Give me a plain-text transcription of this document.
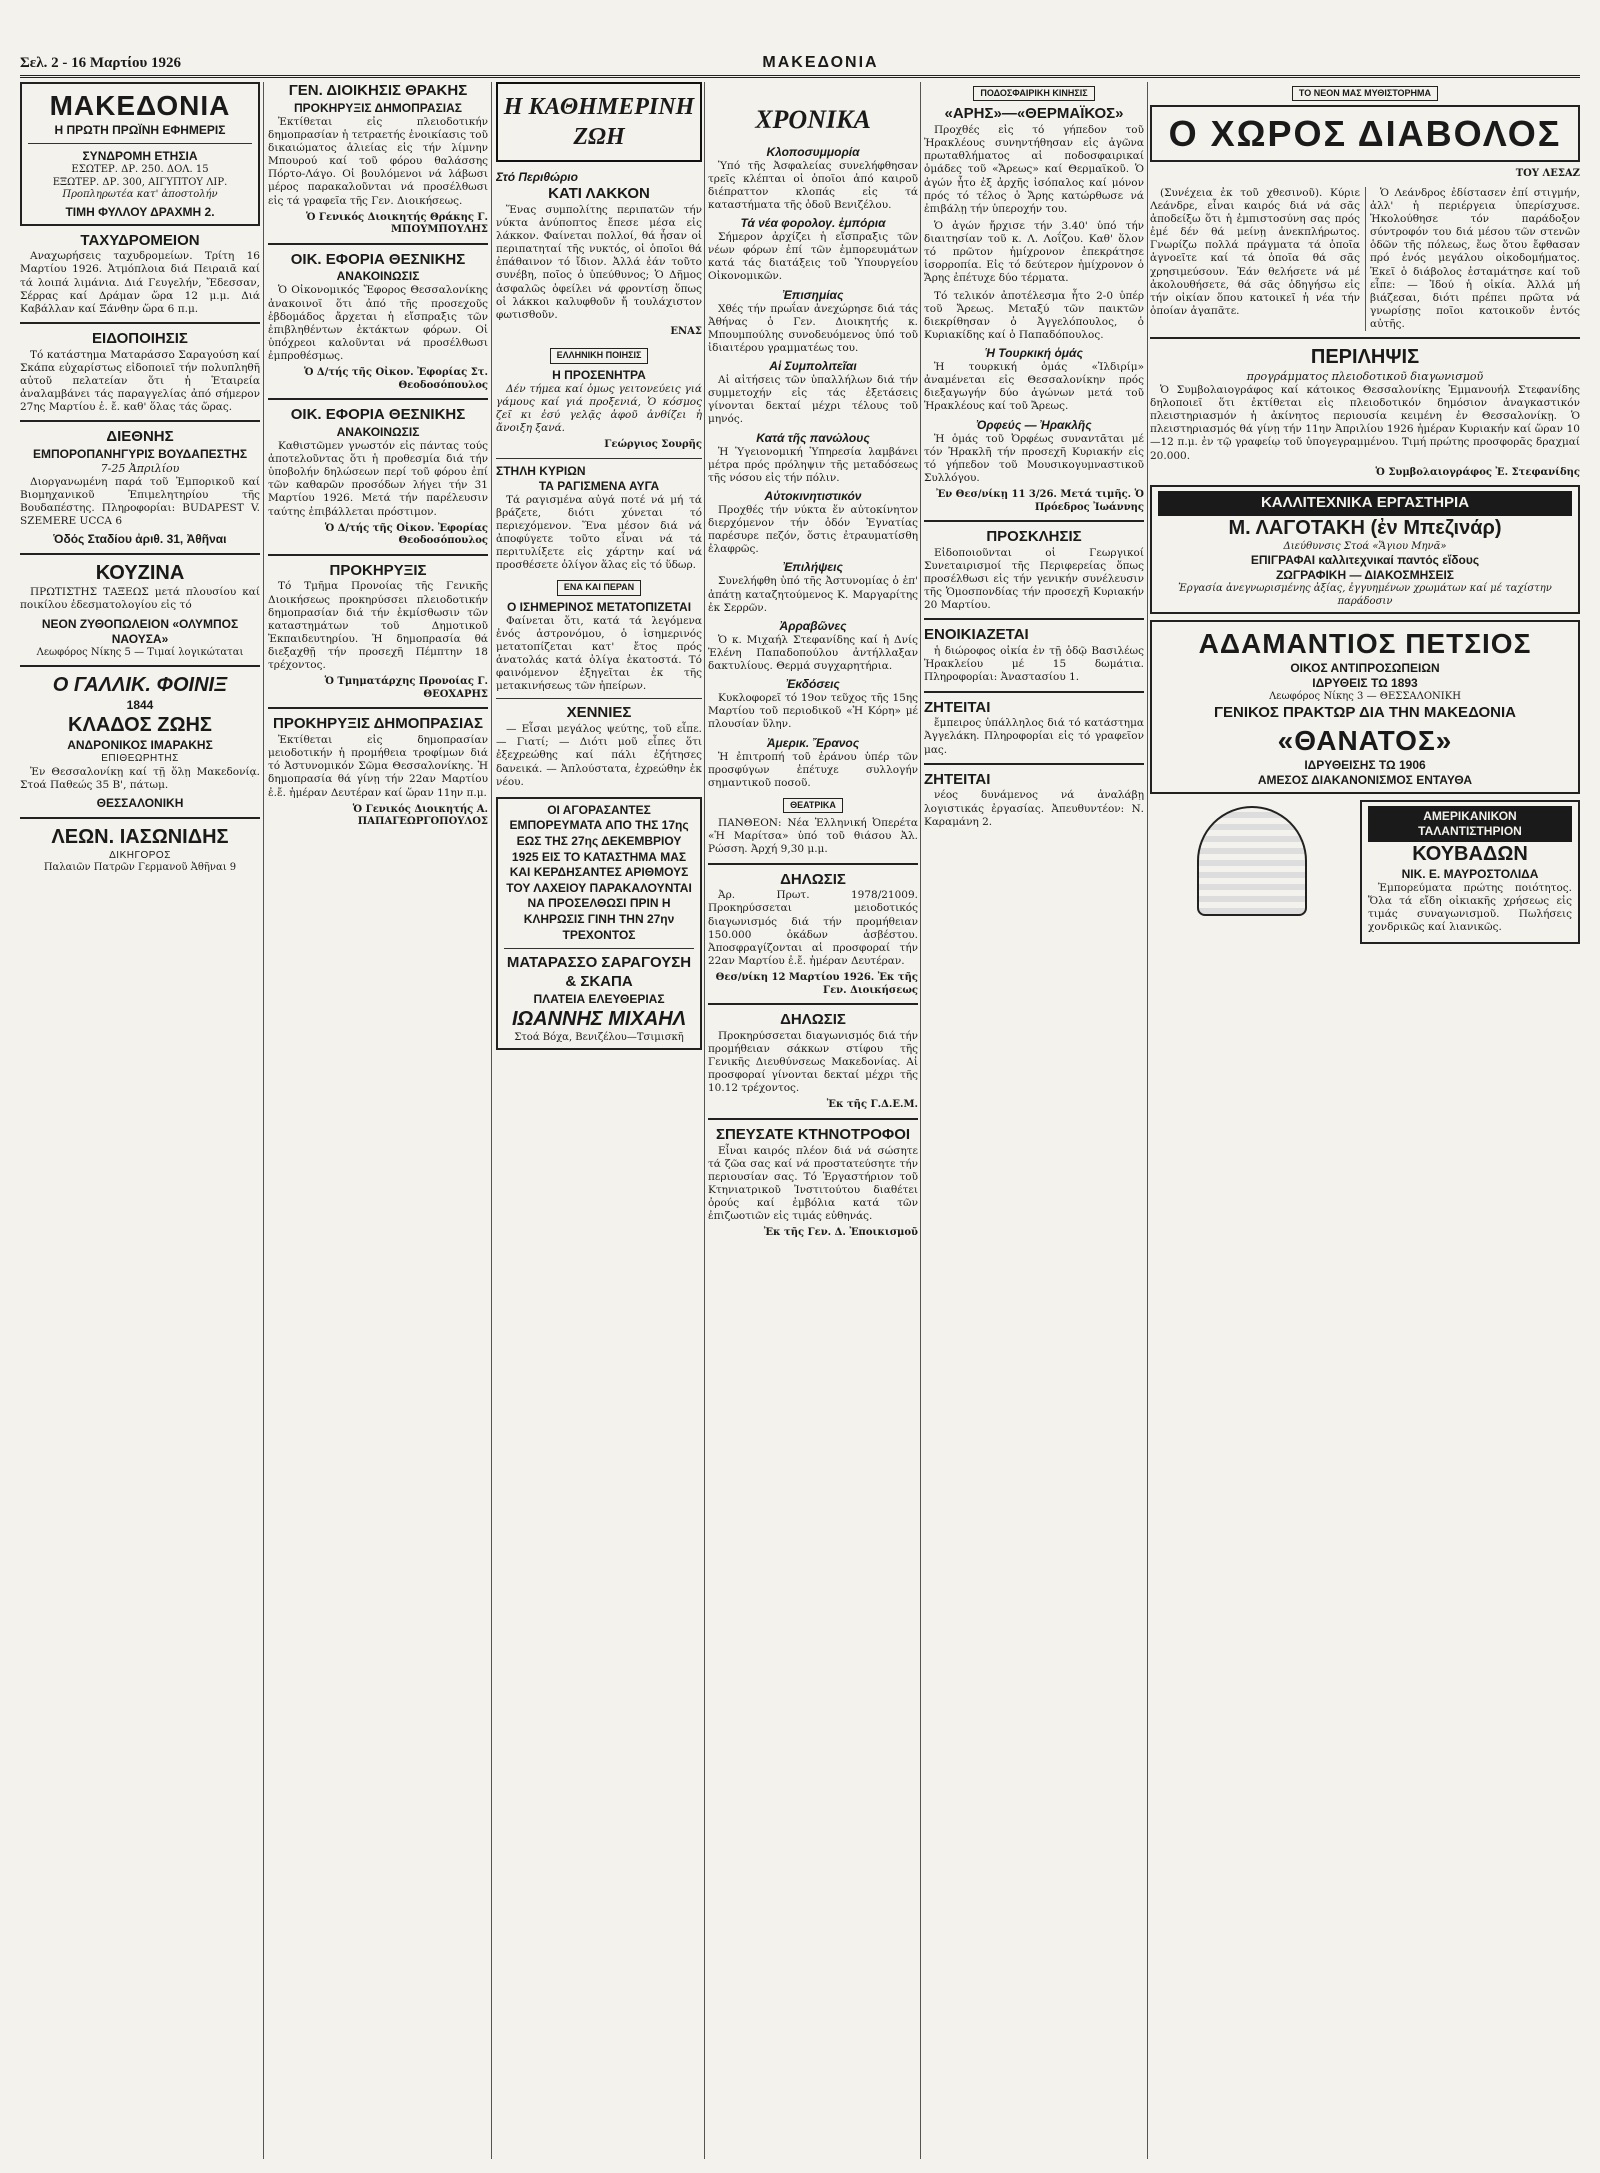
Σελ. 2 - 16 Μαρτίου 1926	ΜΑΚΕΔΟΝΙΑ
ΜΑΚΕΔΟΝΙΑ
Η ΠΡΩΤΗ ΠΡΩΪΝΗ ΕΦΗΜΕΡΙΣ
ΣΥΝΔΡΟΜΗ ΕΤΗΣΙΑ
ΕΣΩΤΕΡ. ΔΡ. 250. ΔΟΛ. 15
ΕΞΩΤΕΡ. ΔΡ. 300, ΑΙΓΥΠΤΟΥ ΛΙΡ.
Προπληρωτέα κατ' ἀποστολήν
ΤΙΜΗ ΦΥΛΛΟΥ ΔΡΑΧΜΗ 2.
ΤΑΧΥΔΡΟΜΕΙΟΝ

Αναχωρήσεις ταχυδρομείων. Τρίτη 16 Μαρτίου 1926. Ἀτμόπλοια διά Πειραιᾶ καί τά λοιπά λιμάνια. Διά Γευγελήν, Ἔδεσσαν, Σέρρας καί Δράμαν ὥρα 12 μ.μ. Διά Καβάλλαν καί Ξάνθην ὥρα 6 π.μ.

ΕΙΔΟΠΟΙΗΣΙΣ

Τό κατάστημα Ματαράσσο Σαραγούση καί Σκάπα εὐχαρίστως εἰδοποιεῖ τήν πολυπληθῆ αὐτοῦ πελατείαν ὅτι ἡ Ἑταιρεία ἀναλαμβάνει τάς παραγγελίας ἀπό σήμερον 27ης Μαρτίου ἐ. ἔ. καθ' ὅλας τάς ὥρας.

ΔΙΕΘΝΗΣ
ΕΜΠΟΡΟΠΑΝΗΓΥΡΙΣ ΒΟΥΔΑΠΕΣΤΗΣ
7-25 Ἀπριλίου

Διοργανωμένη παρά τοῦ Ἐμπορικοῦ καί Βιομηχανικοῦ Ἐπιμελητηρίου τῆς Βουδαπέστης. Πληροφορίαι: BUDAPEST V. SZEMERE UCCA 6

Ὁδός Σταδίου ἀριθ. 31, Ἀθῆναι
ΚΟΥΖΙΝΑ

ΠΡΩΤΙΣΤΗΣ ΤΑΞΕΩΣ μετά πλουσίου καί ποικίλου ἐδεσματολογίου εἰς τό

ΝΕΟΝ ΖΥΘΟΠΩΛΕΙΟΝ «ΟΛΥΜΠΟΣ ΝΑΟΥΣΑ»
Λεωφόρος Νίκης 5 — Τιμαί λογικώταται
Ο ΓΑΛΛΙΚ. ΦΟΙΝΙΞ
1844
ΚΛΑΔΟΣ ΖΩΗΣ
ΑΝΔΡΟΝΙΚΟΣ ΙΜΑΡΑΚΗΣ
ΕΠΙΘΕΩΡΗΤΗΣ

Ἐν Θεσσαλονίκῃ καί τῇ ὅλῃ Μακεδονίᾳ. Στοά Παθεώς 35 Β', πάτωμ.

ΘΕΣΣΑΛΟΝΙΚΗ
ΛΕΩΝ. ΙΑΣΩΝΙΔΗΣ
ΔΙΚΗΓΟΡΟΣ
Παλαιῶν Πατρῶν Γερμανοῦ Ἀθῆναι 9
ΓΕΝ. ΔΙΟΙΚΗΣΙΣ ΘΡΑΚΗΣ
ΠΡΟΚΗΡΥΞΙΣ ΔΗΜΟΠΡΑΣΙΑΣ

Ἐκτίθεται εἰς πλειοδοτικήν δημοπρασίαν ἡ τετραετής ἐνοικίασις τοῦ δικαιώματος ἁλιείας εἰς τήν λίμνην Μπουρού καί τοῦ φόρου θαλάσσης Πόρτο-Λάγο. Οἱ βουλόμενοι νά λάβωσι μέρος παρακαλοῦνται νά προσέλθωσι εἰς τά γραφεῖα τῆς Γεν. Διοικήσεως.

Ὁ Γενικός Διοικητής Θράκης Γ. ΜΠΟΥΜΠΟΥΛΗΣ
ΟΙΚ. ΕΦΟΡΙΑ ΘΕΣΝΙΚΗΣ
ΑΝΑΚΟΙΝΩΣΙΣ

Ὁ Οἰκονομικός Ἔφορος Θεσσαλονίκης ἀνακοινοῖ ὅτι ἀπό τῆς προσεχοῦς ἑβδομάδος ἄρχεται ἡ εἴσπραξις τῶν ἐπιβληθέντων ἐκτάκτων φόρων. Οἱ ὑπόχρεοι καλοῦνται νά προσέλθωσι ἐμπροθέσμως.

Ὁ Δ/τής τῆς Οἰκον. Ἐφορίας Στ. Θεοδοσόπουλος
ΟΙΚ. ΕΦΟΡΙΑ ΘΕΣΝΙΚΗΣ
ΑΝΑΚΟΙΝΩΣΙΣ

Καθιστῶμεν γνωστόν εἰς πάντας τούς ἀποτελοῦντας ὅτι ἡ προθεσμία διά τήν ὑποβολήν δηλώσεων περί τοῦ φόρου ἐπί τῶν καθαρῶν προσόδων λήγει τήν 31 Μαρτίου 1926. Μετά τήν παρέλευσιν ταύτης ἐπιβάλλεται πρόστιμον.

Ὁ Δ/τής τῆς Οἰκον. Ἐφορίας Θεοδοσόπουλος
ΠΡΟΚΗΡΥΞΙΣ

Τό Τμῆμα Προνοίας τῆς Γενικῆς Διοικήσεως προκηρύσσει πλειοδοτικήν δημοπρασίαν διά τήν ἐκμίσθωσιν τῶν καταστημάτων τοῦ Δημοτικοῦ Ἐκπαιδευτηρίου. Ἡ δημοπρασία θά διεξαχθῇ τήν προσεχῆ Πέμπτην 18 τρέχοντος.

Ὁ Τμηματάρχης Προνοίας Γ. ΘΕΟΧΑΡΗΣ
ΠΡΟΚΗΡΥΞΙΣ ΔΗΜΟΠΡΑΣΙΑΣ

Ἐκτίθεται εἰς δημοπρασίαν μειοδοτικήν ἡ προμήθεια τροφίμων διά τό Ἀστυνομικόν Σῶμα Θεσσαλονίκης. Ἡ δημοπρασία θά γίνῃ τήν 22αν Μαρτίου ἐ.ἔ. ἡμέραν Δευτέραν καί ὥραν 11ην π.μ.

Ὁ Γενικός Διοικητής Α. ΠΑΠΑΓΕΩΡΓΟΠΟΥΛΟΣ
Η ΚΑΘΗΜΕΡΙΝΗ ΖΩΗ
Στό Περιθώριο
ΚΑΤΙ ΛΑΚΚΟΝ

Ἕνας συμπολίτης περιπατῶν τήν νύκτα ἀνύποπτος ἔπεσε μέσα εἰς λάκκον. Φαίνεται πολλοί, θά ἦσαν οἱ περιπατηταί τῆς νυκτός, οἱ ὁποῖοι θά ἐπάθαινον τό ἴδιον. Ἀλλά ἐάν τοῦτο συνέβη, ποῖος ὁ ὑπεύθυνος; Ὁ Δῆμος ἀσφαλῶς ὀφείλει νά φροντίσῃ ὅπως οἱ λάκκοι καλυφθοῦν ἤ τουλάχιστον φωτισθοῦν.

ΕΝΑΣ
ΕΛΛΗΝΙΚΗ ΠΟΙΗΣΙΣ
Η ΠΡΟΣΕΝΗΤΡΑ

Δέν τήμεα καί ὁμως γειτονεύεις γιά γάμους καί γιά προξενιά, Ὁ κόσμος ζεῖ κι ἐσύ γελᾷς ἀφοῦ ἀνθίζει ἡ ἄνοιξη ξανά.

Γεώργιος Σουρῆς
ΣΤΗΛΗ ΚΥΡΙΩΝ
ΤΑ ΡΑΓΙΣΜΕΝΑ ΑΥΓΑ

Τά ραγισμένα αὐγά ποτέ νά μή τά βράζετε, διότι χύνεται τό περιεχόμενον. Ἕνα μέσον διά νά ἀποφύγετε τοῦτο εἶναι νά τά περιτυλίξετε εἰς χάρτην καί νά προσθέσετε ὀλίγον ἅλας εἰς τό ὕδωρ.

ΕΝΑ ΚΑΙ ΠΕΡΑΝ
Ο ΙΣΗΜΕΡΙΝΟΣ ΜΕΤΑΤΟΠΙΖΕΤΑΙ

Φαίνεται ὅτι, κατά τά λεγόμενα ἑνός ἀστρονόμου, ὁ ἰσημερινός μετατοπίζεται κατ' ἔτος πρός ἀνατολάς κατά ὀλίγα ἑκατοστά. Τό φαινόμενον ἐξηγεῖται ἐκ τῆς μετακινήσεως τῶν ἠπείρων.

ΧΕΝΝΙΕΣ

— Εἶσαι μεγάλος ψεύτης, τοῦ εἶπε. — Γιατί; — Διότι μοῦ εἶπες ὅτι ἐξεχρεώθης καί πάλι ἐζήτησες δανεικά. — Ἀπλούστατα, ἐχρεώθην ἐκ νέου.

ΟΙ ΑΓΟΡΑΣΑΝΤΕΣ ΕΜΠΟΡΕΥΜΑΤΑ ΑΠΟ ΤΗΣ 17ης ΕΩΣ ΤΗΣ 27ης ΔΕΚΕΜΒΡΙΟΥ 1925 ΕΙΣ ΤΟ ΚΑΤΑΣΤΗΜΑ ΜΑΣ ΚΑΙ ΚΕΡΔΗΣΑΝΤΕΣ ΑΡΙΘΜΟΥΣ ΤΟΥ ΛΑΧΕΙΟΥ ΠΑΡΑΚΑΛΟΥΝΤΑΙ ΝΑ ΠΡΟΣΕΛΘΩΣΙ ΠΡΙΝ Η ΚΛΗΡΩΣΙΣ ΓΙΝΗ ΤΗΝ 27ην ΤΡΕΧΟΝΤΟΣ
ΜΑΤΑΡΑΣΣΟ ΣΑΡΑΓΟΥΣΗ & ΣΚΑΠΑ
ΠΛΑΤΕΙΑ ΕΛΕΥΘΕΡΙΑΣ
ΙΩΑΝΝΗΣ ΜΙΧΑΗΛ
Στοά Βόχα, Βενιζέλου—Τσιμισκῆ
ΧΡΟΝΙΚΑ
Κλοποσυμμορία

Ὑπό τῆς Ἀσφαλείας συνελήφθησαν τρεῖς κλέπται οἱ ὁποῖοι ἀπό καιροῦ διέπραττον κλοπάς εἰς τά καταστήματα τῆς ὁδοῦ Βενιζέλου.

Τά νέα φορολογ. ἐμπόρια

Σήμερον ἀρχίζει ἡ εἴσπραξις τῶν νέων φόρων ἐπί τῶν ἐμπορευμάτων κατά τάς διατάξεις τοῦ Ὑπουργείου Οἰκονομικῶν.

Ἐπισημίας

Χθές τήν πρωΐαν ἀνεχώρησε διά τάς Ἀθήνας ὁ Γεν. Διοικητής κ. Μπουμπούλης συνοδευόμενος ὑπό τοῦ ἰδιαιτέρου γραμματέως του.

Αἱ Συμπολιτεῖαι

Αἱ αἰτήσεις τῶν ὑπαλλήλων διά τήν συμμετοχήν εἰς τάς ἐξετάσεις γίνονται δεκταί μέχρι τέλους τοῦ μηνός.

Κατά τῆς πανώλους

Ἡ Ὑγειονομική Ὑπηρεσία λαμβάνει μέτρα πρός πρόληψιν τῆς μεταδόσεως τῆς νόσου εἰς τήν πόλιν.

Αὐτοκινητιστικόν

Προχθές τήν νύκτα ἕν αὐτοκίνητον διερχόμενον τήν ὁδόν Ἐγνατίας παρέσυρε πεζόν, ὅστις ἐτραυματίσθη ἐλαφρῶς.

Ἐπιλήψεις

Συνελήφθη ὑπό τῆς Ἀστυνομίας ὁ ἐπ' ἀπάτῃ καταζητούμενος Κ. Μαργαρίτης ἐκ Σερρῶν.

Ἀρραβῶνες

Ὁ κ. Μιχαήλ Στεφανίδης καί ἡ Δνίς Ἑλένη Παπαδοπούλου ἀντήλλαξαν δακτυλίους. Θερμά συγχαρητήρια.

Ἐκδόσεις

Κυκλοφορεῖ τό 19ον τεῦχος τῆς 15ης Μαρτίου τοῦ περιοδικοῦ «Ἡ Κόρη» μέ πλουσίαν ὕλην.

Ἀμερικ. Ἔρανος

Ἡ ἐπιτροπή τοῦ ἐράνου ὑπέρ τῶν προσφύγων ἐπέτυχε συλλογήν σημαντικοῦ ποσοῦ.

ΘΕΑΤΡΙΚΑ

ΠΑΝΘΕΟΝ: Νέα Ἑλληνική Ὀπερέτα «Ἡ Μαρίτσα» ὑπό τοῦ θιάσου Ἀλ. Ρώσση. Ἀρχή 9,30 μ.μ.

ΔΗΛΩΣΙΣ

Ἀρ. Πρωτ. 1978/21009. Προκηρύσσεται μειοδοτικός διαγωνισμός διά τήν προμήθειαν 150.000 ὀκάδων ἀσβέστου. Ἀποσφραγίζονται αἱ προσφοραί τήν 22αν Μαρτίου ἐ.ἔ. ἡμέραν Δευτέραν.

Θεσ/νίκη 12 Μαρτίου 1926. Ἐκ τῆς Γεν. Διοικήσεως
ΔΗΛΩΣΙΣ

Προκηρύσσεται διαγωνισμός διά τήν προμήθειαν σάκκων στίφου τῆς Γενικῆς Διευθύνσεως Μακεδονίας. Αἱ προσφοραί γίνονται δεκταί μέχρι τῆς 10.12 τρέχοντος.

Ἐκ τῆς Γ.Δ.Ε.Μ.
ΣΠΕΥΣΑΤΕ ΚΤΗΝΟΤΡΟΦΟΙ

Εἶναι καιρός πλέον διά νά σώσητε τά ζῶα σας καί νά προστατεύσητε τήν περιουσίαν σας. Τό Ἐργαστήριον τοῦ Κτηνιατρικοῦ Ἰνστιτούτου διαθέτει ὀρούς καί ἐμβόλια κατά τῶν ἐπιζωοτιῶν εἰς τιμάς εὐθηνάς.

Ἐκ τῆς Γεν. Δ. Ἐποικισμοῦ
ΠΟΔΟΣΦΑΙΡΙΚΗ ΚΙΝΗΣΙΣ
«ΑΡΗΣ»—«ΘΕΡΜΑΪΚΟΣ»

Προχθές εἰς τό γήπεδον τοῦ Ἠρακλέους συνηντήθησαν εἰς ἀγῶνα πρωταθλήματος αἱ ποδοσφαιρικαί ὁμάδες τοῦ «Ἄρεως» καί Θερμαϊκοῦ. Ὁ ἀγών ἦτο ἐξ ἀρχῆς ἰσόπαλος καί μόνον πρός τό τέλος ὁ Ἄρης κατώρθωσε νά ἐπιβάλῃ τήν ὑπεροχήν του.

Ὁ ἀγών ἤρχισε τήν 3.40' ὑπό τήν διαιτησίαν τοῦ κ. Λ. Λοΐζου. Καθ' ὅλον τό πρῶτον ἡμίχρονον ἐπεκράτησε ἰσορροπία. Εἰς τό δεύτερον ἡμίχρονον ὁ Ἄρης ἐπέτυχε δύο τέρματα.

Τό τελικόν ἀποτέλεσμα ἦτο 2-0 ὑπέρ τοῦ Ἄρεως. Μεταξύ τῶν παικτῶν διεκρίθησαν ὁ Ἀγγελόπουλος, ὁ Κυριακίδης καί ὁ Παπαδόπουλος.

Ἡ Τουρκική ὁμάς

Ἡ τουρκική ὁμάς «Ἰλδιρίμ» ἀναμένεται εἰς Θεσσαλονίκην πρός διεξαγωγήν δύο ἀγώνων μετά τοῦ Ἡρακλέους καί τοῦ Ἄρεως.

Ὀρφεύς — Ἠρακλῆς

Ἡ ὁμάς τοῦ Ὀρφέως συναντᾶται μέ τόν Ἠρακλῆ τήν προσεχῆ Κυριακήν εἰς τό γήπεδον τοῦ Μουσικογυμναστικοῦ Συλλόγου.

Ἐν Θεσ/νίκῃ 11 3/26. Μετά τιμῆς. Ὁ Πρόεδρος Ἰωάννης
ΠΡΟΣΚΛΗΣΙΣ

Εἰδοποιοῦνται οἱ Γεωργικοί Συνεταιρισμοί τῆς Περιφερείας ὅπως προσέλθωσι εἰς τήν γενικήν συνέλευσιν τῆς Ὁμοσπονδίας τήν προσεχῆ Κυριακήν 20 Μαρτίου.

ΕΝΟΙΚΙΑΖΕΤΑΙ

ἡ διώροφος οἰκία ἐν τῇ ὁδῷ Βασιλέως Ἡρακλείου μέ 15 δωμάτια. Πληροφορίαι: Ἀναστασίου 1.

ΖΗΤΕΙΤΑΙ

ἔμπειρος ὑπάλληλος διά τό κατάστημα Ἀγγελάκη. Πληροφορίαι εἰς τό γραφεῖον μας.

ΖΗΤΕΙΤΑΙ

νέος δυνάμενος νά ἀναλάβῃ λογιστικάς ἐργασίας. Ἀπευθυντέον: Ν. Καραμάνη 2.

ΤΟ ΝΕΟΝ ΜΑΣ ΜΥΘΙΣΤΟΡΗΜΑ
Ο ΧΩΡΟΣ ΔΙΑΒΟΛΟΣ
ΤΟΥ ΛΕΣΑΖ

(Συνέχεια ἐκ τοῦ χθεσινοῦ). Κύριε Λεάνδρε, εἶναι καιρός διά νά σᾶς ἀποδείξω ὅτι ἡ ἐμπιστοσύνη σας πρός ἐμέ δέν θά μείνῃ ἀνεκπλήρωτος. Γνωρίζω πολλά πράγματα τά ὁποῖα ἀγνοεῖτε καί τά ὁποῖα θά σᾶς χρησιμεύσουν. Ἐάν θελήσετε νά μέ ἀκολουθήσετε, θά σᾶς ὁδηγήσω εἰς τήν οἰκίαν ὅπου κατοικεῖ ἡ νέα τήν ὁποίαν ἀγαπᾶτε.

Ὁ Λεάνδρος ἐδίστασεν ἐπί στιγμήν, ἀλλ' ἡ περιέργεια ὑπερίσχυσε. Ἠκολούθησε τόν παράδοξον σύντροφόν του διά μέσου τῶν στενῶν ὁδῶν τῆς πόλεως, ἕως ὅτου ἔφθασαν πρό ἑνός μεγάλου οἰκοδομήματος. Ἐκεῖ ὁ διάβολος ἐσταμάτησε καί τοῦ εἶπε: — Ἰδού ἡ οἰκία. Ἀλλά μή βιάζεσαι, διότι πρέπει πρῶτα νά γνωρίσῃς ποῖοι κατοικοῦν ἐντός αὐτῆς.

ΠΕΡΙΛΗΨΙΣ
προγράμματος πλειοδοτικοῦ διαγωνισμοῦ

Ὁ Συμβολαιογράφος καί κάτοικος Θεσσαλονίκης Ἐμμανουήλ Στεφανίδης δηλοποιεῖ ὅτι ἐκτίθεται εἰς πλειοδοτικόν δημόσιον ἀναγκαστικόν πλειστηριασμόν ἡ ἀκίνητος περιουσία κειμένη ἐν Θεσσαλονίκῃ. Ὁ πλειστηριασμός θά γίνῃ τήν 11ην Ἀπριλίου 1926 ἡμέραν Κυριακήν καί ὥραν 10—12 π.μ. ἐν τῷ γραφείῳ τοῦ ὑπογεγραμμένου. Τιμή πρώτης προσφορᾶς δραχμαί 20.000.

Ὁ Συμβολαιογράφος Ἐ. Στεφανίδης
ΚΑΛΛΙΤΕΧΝΙΚΑ ΕΡΓΑΣΤΗΡΙΑ
Μ. ΛΑΓΟΤΑΚΗ (ἐν Μπεζινάρ)
Διεύθυνσις Στοά «Ἅγιου Μηνᾶ»
ΕΠΙΓΡΑΦΑΙ καλλιτεχνικαί παντός εἴδους
ΖΩΓΡΑΦΙΚΗ — ΔΙΑΚΟΣΜΗΣΕΙΣ
Ἐργασία ἀνεγνωρισμένης ἀξίας, ἐγγυημένων χρωμάτων καί μέ ταχίστην παράδοσιν
ΑΔΑΜΑΝΤΙΟΣ ΠΕΤΣΙΟΣ
ΟΙΚΟΣ ΑΝΤΙΠΡΟΣΩΠΕΙΩΝ
ΙΔΡΥΘΕΙΣ ΤΩ 1893
Λεωφόρος Νίκης 3 — ΘΕΣΣΑΛΟΝΙΚΗ
ΓΕΝΙΚΟΣ ΠΡΑΚΤΩΡ ΔΙΑ ΤΗΝ ΜΑΚΕΔΟΝΙΑ
«ΘΑΝΑΤΟΣ»
ΙΔΡΥΘΕΙΣΗΣ ΤΩ 1906
ΑΜΕΣΟΣ ΔΙΑΚΑΝΟΝΙΣΜΟΣ ΕΝΤΑΥΘΑ
ΑΜΕΡΙΚΑΝΙΚΟΝ ΤΑΛΑΝΤΙΣΤΗΡΙΟΝ
ΚΟΥΒΑΔΩΝ
ΝΙΚ. Ε. ΜΑΥΡΟΣΤΟΛΙΔΑ

Ἐμπορεύματα πρώτης ποιότητος. Ὅλα τά εἴδη οἰκιακῆς χρήσεως εἰς τιμάς συναγωνισμοῦ. Πωλήσεις χονδρικῶς καί λιανικῶς.
